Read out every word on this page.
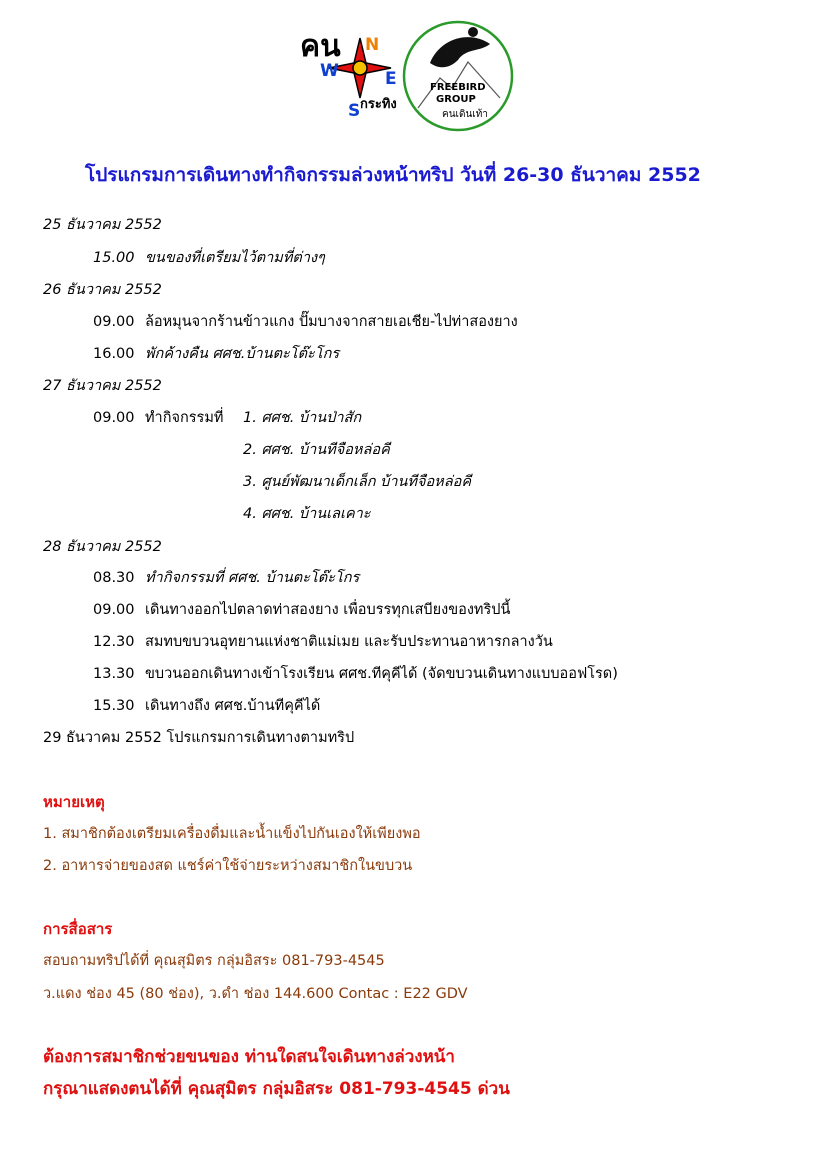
คน N
W	E
S กระทิง
FREEBIRD
GROUP
คนเดินเท้า
โปรแกรมการเดินทางทำกิจกรรมล่วงหน้าทริป วันที่ 26-30 ธันวาคม 2552
25 ธันวาคม 2552
15.00 ขนของที่เตรียมไว้ตามที่ต่างๆ
26 ธันวาคม 2552
09.00 ล้อหมุนจากร้านข้าวแกง ปั๊มบางจากสายเอเชีย-ไปท่าสองยาง
16.00 พักค้างคืน ศศช.บ้านตะโต๊ะโกร
27 ธันวาคม 2552
09.00 ทำกิจกรรมที่ 1. ศศช. บ้านป่าสัก
2. ศศช. บ้านทีจือหล่อคี
3. ศูนย์พัฒนาเด็กเล็ก บ้านทีจือหล่อคี
4. ศศช. บ้านเลเคาะ
28 ธันวาคม 2552
08.30 ทำกิจกรรมที่ ศศช. บ้านตะโต๊ะโกร
09.00 เดินทางออกไปตลาดท่าสองยาง เพื่อบรรทุกเสบียงของทริปนี้
12.30 สมทบขบวนอุทยานแห่งชาติแม่เมย และรับประทานอาหารกลางวัน
13.30 ขบวนออกเดินทางเข้าโรงเรียน ศศช.ทีคุคีได้ (จัดขบวนเดินทางแบบออฟโรด)
15.30 เดินทางถึง ศศช.บ้านทีคุคีได้
29 ธันวาคม 2552 โปรแกรมการเดินทางตามทริป
หมายเหตุ
1. สมาชิกต้องเตรียมเครื่องดื่มและน้ำแข็งไปกันเองให้เพียงพอ
2. อาหารจ่ายของสด แชร์ค่าใช้จ่ายระหว่างสมาชิกในขบวน
การสื่อสาร
สอบถามทริปได้ที่ คุณสุมิตร กลุ่มอิสระ 081-793-4545
ว.แดง ช่อง 45 (80 ช่อง), ว.ดำ ช่อง 144.600 Contac : E22 GDV
ต้องการสมาชิกช่วยขนของ ท่านใดสนใจเดินทางล่วงหน้า
กรุณาแสดงตนได้ที่ คุณสุมิตร กลุ่มอิสระ 081-793-4545 ด่วน
